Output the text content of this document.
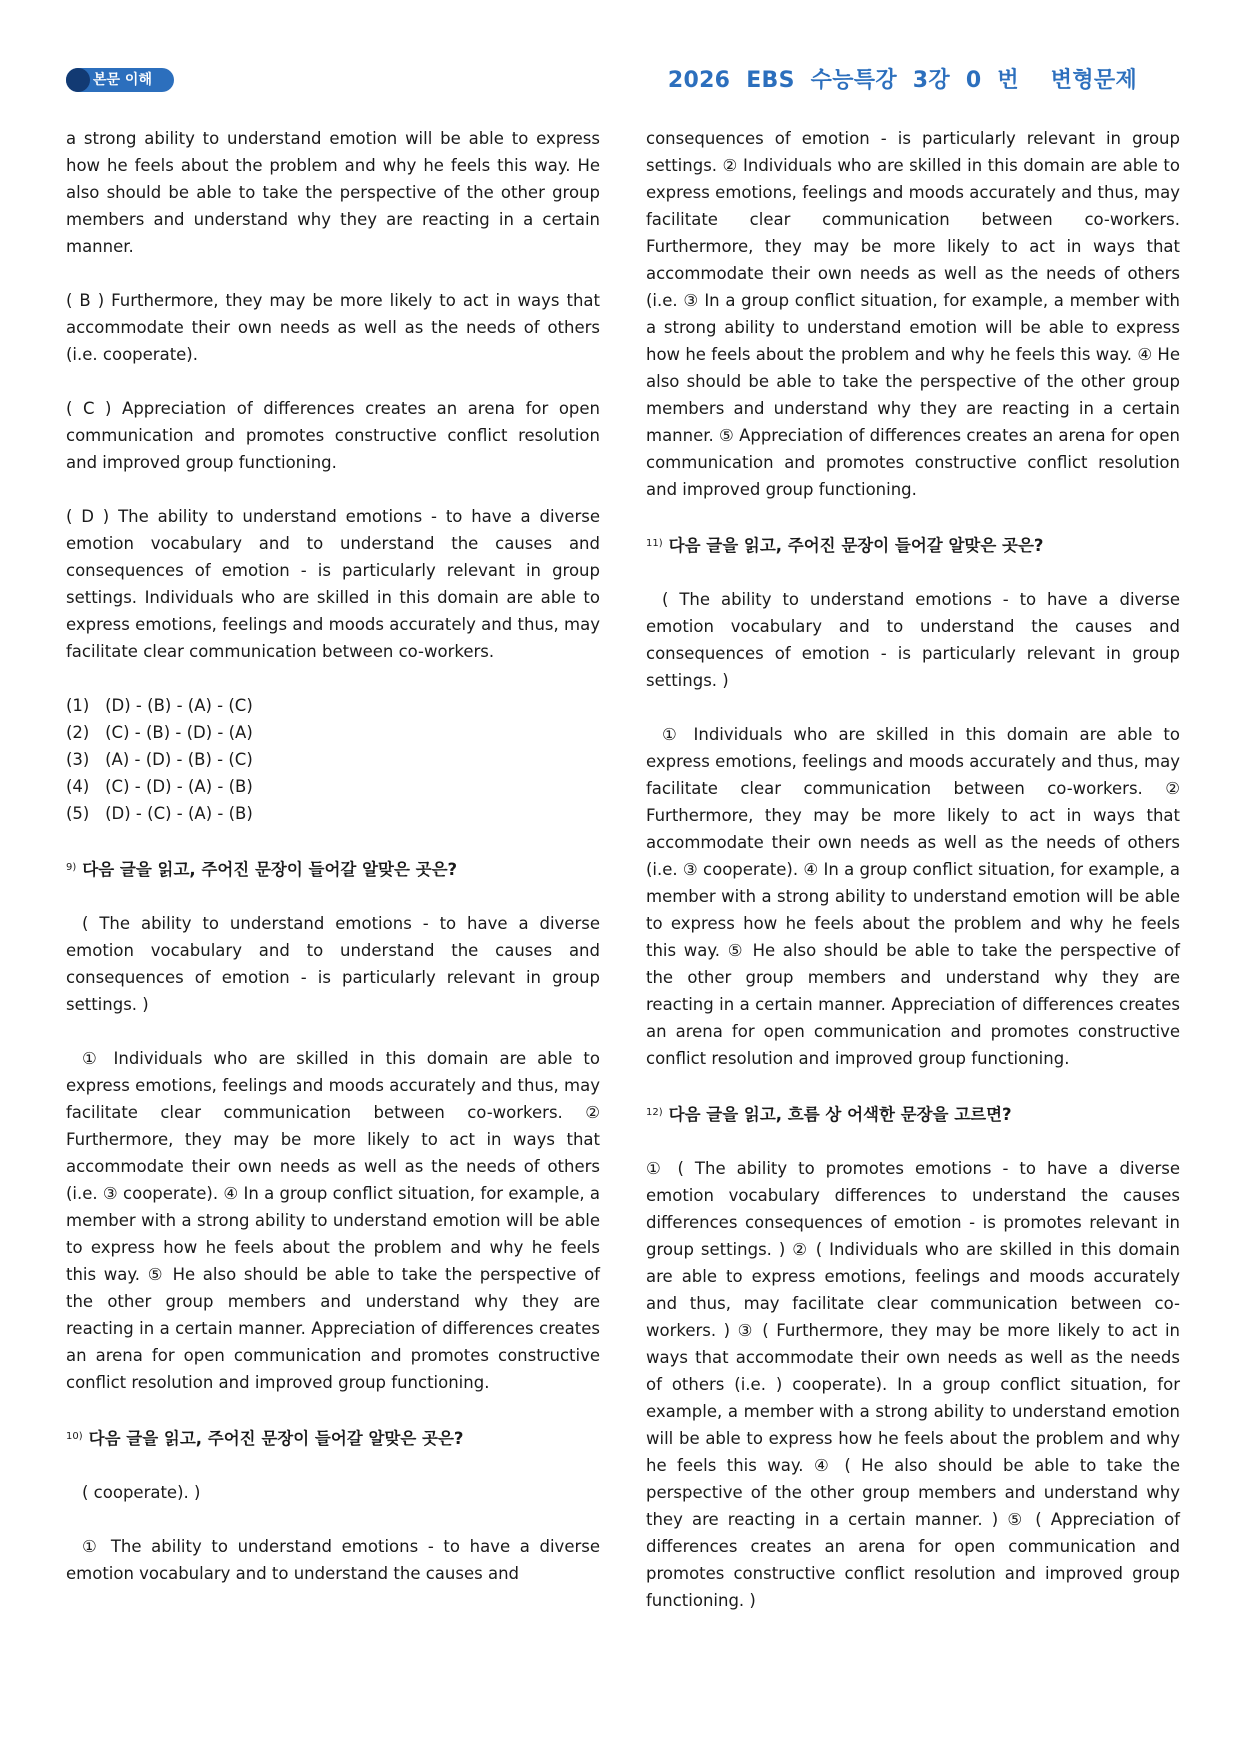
본문 이해	2026  EBS  수능특강  3강  0  번    변형문제

a strong ability to understand emotion will be able to express how he feels about the problem and why he feels this way. He also should be able to take the perspective of the other group members and understand why they are reacting in a certain manner.

( B ) Furthermore, they may be more likely to act in ways that accommodate their own needs as well as the needs of others (i.e. cooperate).

( C ) Appreciation of differences creates an arena for open communication and promotes constructive conflict resolution and improved group functioning.

( D ) The ability to understand emotions - to have a diverse emotion vocabulary and to understand the causes and consequences of emotion - is particularly relevant in group settings. Individuals who are skilled in this domain are able to express emotions, feelings and moods accurately and thus, may facilitate clear communication between co-workers.

(1)   (D) - (B) - (A) - (C)
(2)   (C) - (B) - (D) - (A)
(3)   (A) - (D) - (B) - (C)
(4)   (C) - (D) - (A) - (B)
(5)   (D) - (C) - (A) - (B)
$^{9)}$ 다음 글을 읽고, 주어진 문장이 들어갈 알맞은 곳은?

( The ability to understand emotions - to have a diverse emotion vocabulary and to understand the causes and consequences of emotion - is particularly relevant in group settings. )

① Individuals who are skilled in this domain are able to express emotions, feelings and moods accurately and thus, may facilitate clear communication between co-workers. ② Furthermore, they may be more likely to act in ways that accommodate their own needs as well as the needs of others (i.e. ③ cooperate). ④ In a group conflict situation, for example, a member with a strong ability to understand emotion will be able to express how he feels about the problem and why he feels this way. ⑤ He also should be able to take the perspective of the other group members and understand why they are reacting in a certain manner. Appreciation of differences creates an arena for open communication and promotes constructive conflict resolution and improved group functioning.

$^{10)}$ 다음 글을 읽고, 주어진 문장이 들어갈 알맞은 곳은?

( cooperate). )

① The ability to understand emotions - to have a diverse emotion vocabulary and to understand the causes and

consequences of emotion - is particularly relevant in group settings. ② Individuals who are skilled in this domain are able to express emotions, feelings and moods accurately and thus, may facilitate clear communication between co-workers. Furthermore, they may be more likely to act in ways that accommodate their own needs as well as the needs of others (i.e. ③ In a group conflict situation, for example, a member with a strong ability to understand emotion will be able to express how he feels about the problem and why he feels this way. ④ He also should be able to take the perspective of the other group members and understand why they are reacting in a certain manner. ⑤ Appreciation of differences creates an arena for open communication and promotes constructive conflict resolution and improved group functioning.

$^{11)}$ 다음 글을 읽고, 주어진 문장이 들어갈 알맞은 곳은?

( The ability to understand emotions - to have a diverse emotion vocabulary and to understand the causes and consequences of emotion - is particularly relevant in group settings. )

① Individuals who are skilled in this domain are able to express emotions, feelings and moods accurately and thus, may facilitate clear communication between co-workers. ② Furthermore, they may be more likely to act in ways that accommodate their own needs as well as the needs of others (i.e. ③ cooperate). ④ In a group conflict situation, for example, a member with a strong ability to understand emotion will be able to express how he feels about the problem and why he feels this way. ⑤ He also should be able to take the perspective of the other group members and understand why they are reacting in a certain manner. Appreciation of differences creates an arena for open communication and promotes constructive conflict resolution and improved group functioning.

$^{12)}$ 다음 글을 읽고, 흐름 상 어색한 문장을 고르면?

① ( The ability to promotes emotions - to have a diverse emotion vocabulary differences to understand the causes differences consequences of emotion - is promotes relevant in group settings. ) ② ( Individuals who are skilled in this domain are able to express emotions, feelings and moods accurately and thus, may facilitate clear communication between co-workers. ) ③ ( Furthermore, they may be more likely to act in ways that accommodate their own needs as well as the needs of others (i.e. ) cooperate). In a group conflict situation, for example, a member with a strong ability to understand emotion will be able to express how he feels about the problem and why he feels this way. ④ ( He also should be able to take the perspective of the other group members and understand why they are reacting in a certain manner. ) ⑤ ( Appreciation of differences creates an arena for open communication and promotes constructive conflict resolution and improved group functioning. )
